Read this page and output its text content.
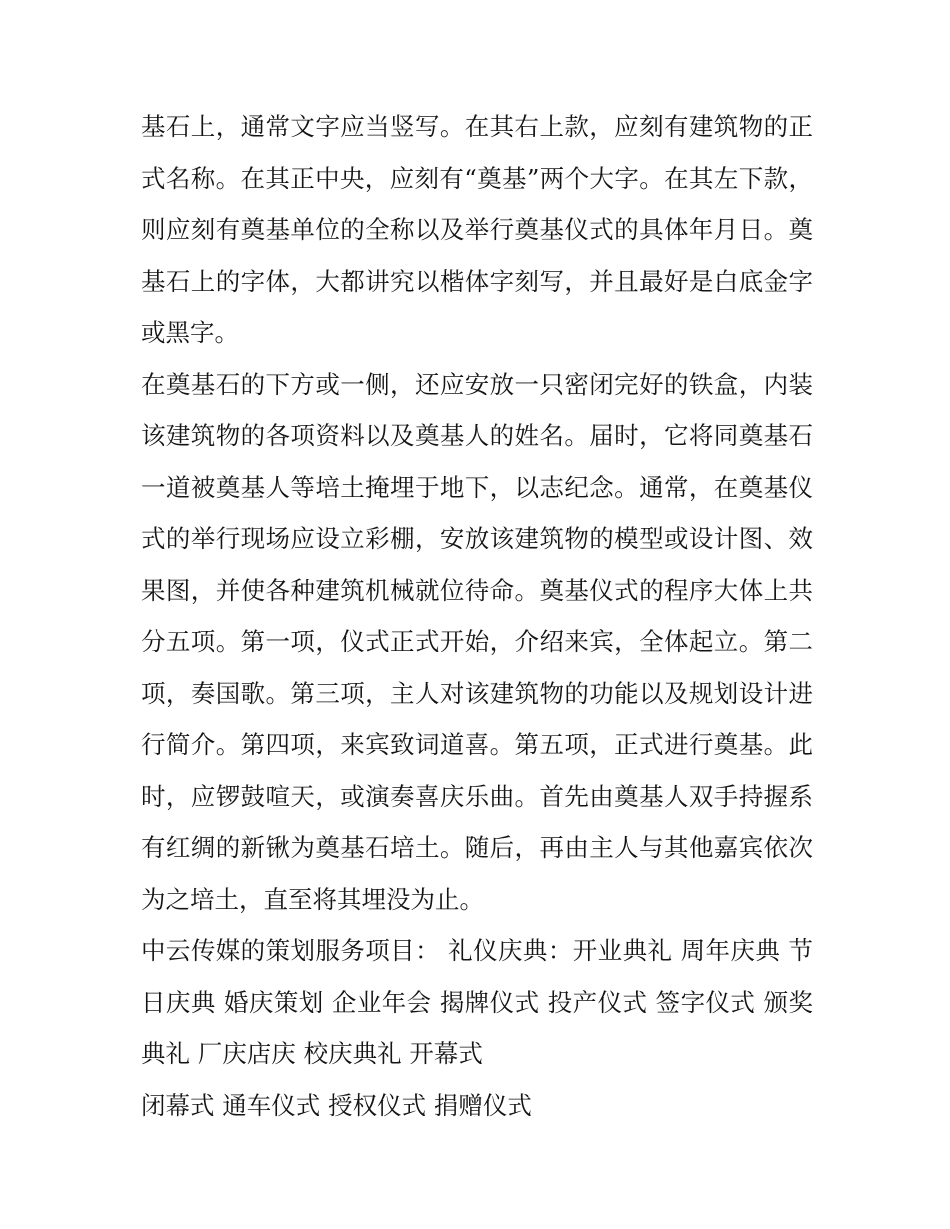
基石上，通常文字应当竖写。在其右上款，应刻有建筑物的正式名称。在其正中央，应刻有“奠基”两个大字。在其左下款，则应刻有奠基单位的全称以及举行奠基仪式的具体年月日。奠基石上的字体，大都讲究以楷体字刻写，并且最好是白底金字或黑字。

在奠基石的下方或一侧，还应安放一只密闭完好的铁盒，内装该建筑物的各项资料以及奠基人的姓名。届时，它将同奠基石一道被奠基人等培土掩埋于地下，以志纪念。通常，在奠基仪式的举行现场应设立彩棚，安放该建筑物的模型或设计图、效果图，并使各种建筑机械就位待命。奠基仪式的程序大体上共分五项。第一项，仪式正式开始，介绍来宾，全体起立。第二项，奏国歌。第三项，主人对该建筑物的功能以及规划设计进行简介。第四项，来宾致词道喜。第五项，正式进行奠基。此时，应锣鼓喧天，或演奏喜庆乐曲。首先由奠基人双手持握系有红绸的新锹为奠基石培土。随后，再由主人与其他嘉宾依次为之培土，直至将其埋没为止。

中云传媒的策划服务项目： 礼仪庆典：开业典礼 周年庆典 节日庆典 婚庆策划 企业年会 揭牌仪式 投产仪式 签字仪式 颁奖典礼 厂庆店庆 校庆典礼 开幕式

闭幕式 通车仪式 授权仪式 捐赠仪式
